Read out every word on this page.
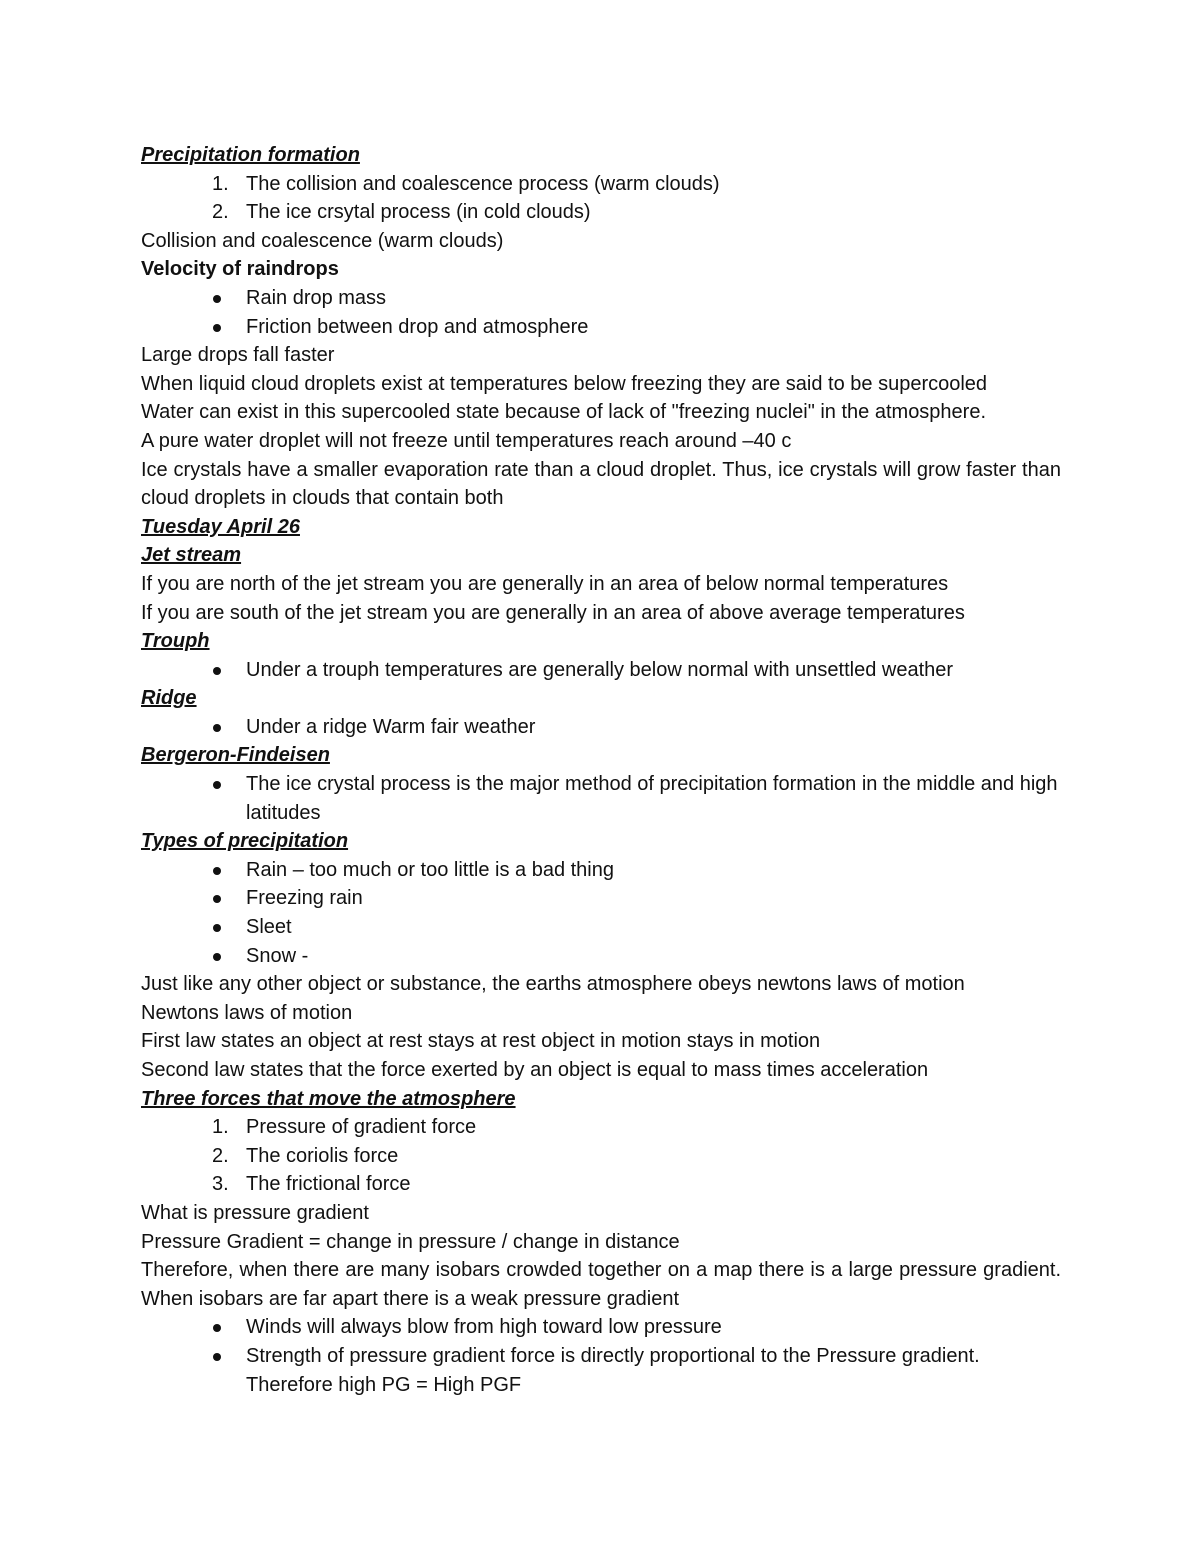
Precipitation formation
1. The collision and coalescence process (warm clouds)
2. The ice crsytal process (in cold clouds)
Collision and coalescence (warm clouds)
Velocity of raindrops
Rain drop mass
Friction between drop and atmosphere
Large drops fall faster
When liquid cloud droplets exist at temperatures below freezing they are said to be supercooled
Water can exist in this supercooled state because of lack of "freezing nuclei" in the atmosphere.
A pure water droplet will not freeze until temperatures reach around –40 c
Ice crystals have a smaller evaporation rate than a cloud droplet. Thus, ice crystals will grow faster than cloud droplets in clouds that contain both
Tuesday April 26
Jet stream
If you are north of the jet stream you are generally in an area of below normal temperatures
If you are south of the jet stream you are generally in an area of above average temperatures
Trouph
Under a trouph temperatures are generally below normal with unsettled weather
Ridge
Under a ridge Warm fair weather
Bergeron-Findeisen
The ice crystal process is the major method of precipitation formation in the middle and high latitudes
Types of precipitation
Rain – too much or too little is a bad thing
Freezing rain
Sleet
Snow -
Just like any other object or substance, the earths atmosphere obeys newtons laws of motion
Newtons laws of motion
First law states an object at rest stays at rest object in motion stays in motion
Second law states that the force exerted by an object is equal to mass times acceleration
Three forces that move the atmosphere
1. Pressure of gradient force
2. The coriolis force
3. The frictional force
What is pressure gradient
Pressure Gradient = change in pressure / change in distance
Therefore, when there are many isobars crowded together on a map there is a large pressure gradient. When isobars are far apart there is a weak pressure gradient
Winds will always blow from high toward low pressure
Strength of pressure gradient force is directly proportional to the Pressure gradient. Therefore high PG = High PGF
